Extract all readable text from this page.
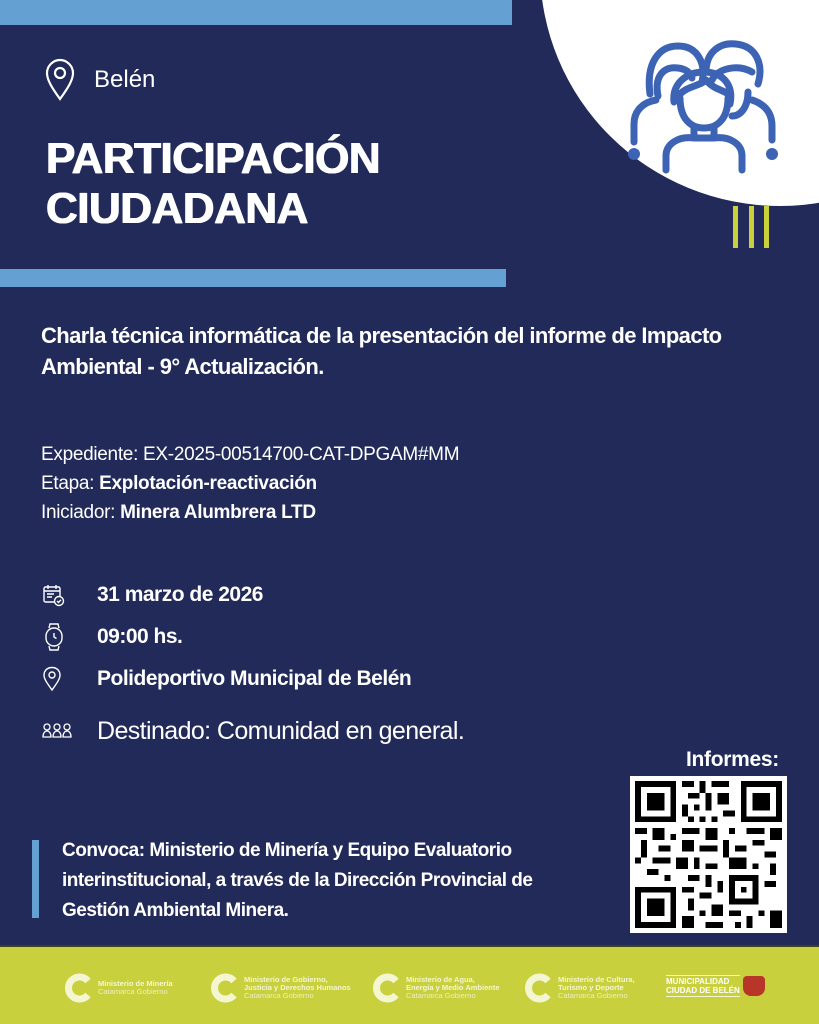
Belén
PARTICIPACIÓN
CIUDADANA
Charla técnica informática de la presentación del informe de Impacto Ambiental - 9° Actualización.
Expediente: EX-2025-00514700-CAT-DPGAM#MM
Etapa: Explotación-reactivación
Iniciador: Minera Alumbrera LTD
31 marzo de 2026
09:00 hs.
Polideportivo Municipal de Belén
Destinado: Comunidad en general.
Informes:
Convoca: Ministerio de Minería y Equipo Evaluatorio interinstitucional, a través de la Dirección Provincial de Gestión Ambiental Minera.
Ministerio de Minería
Catamarca Gobierno
Ministerio de Gobierno,
Justicia y Derechos Humanos
Catamarca Gobierno
Ministerio de Agua,
Energía y Medio Ambiente
Catamarca Gobierno
Ministerio de Cultura,
Turismo y Deporte
Catamarca Gobierno
MUNICIPALIDAD
CIUDAD DE BELÉN
